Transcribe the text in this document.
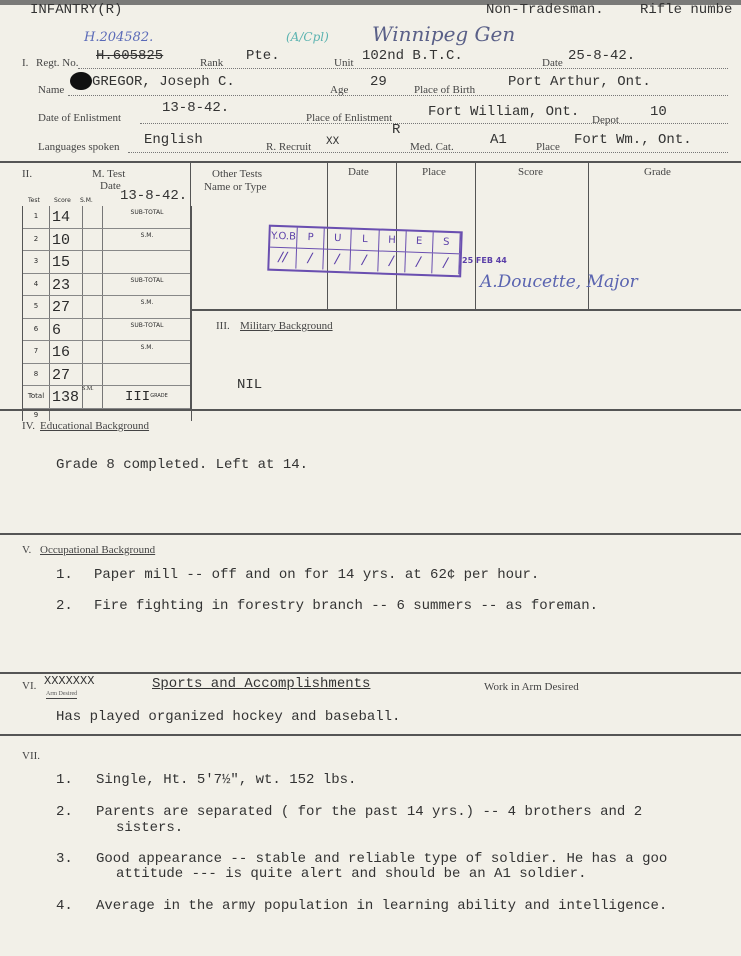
INFANTRY(R)	Non-Tradesman.	Rifle numbe
H.204582.	Winnipeg Gen
(A/Cpl)
I. Regt. No. H.605825	Rank Pte.	Unit 102nd B.T.C.	Date 25-8-42.
Name GREGOR, Joseph C.	Age 29 Place of Birth Port Arthur, Ont.
Date of Enlistment
13-8-42.
Place of Enlistment	Fort William, Ont. Depot 10
Languages spoken English	R. Recruit XX
R
Med. Cat.	A1	Place Fort Wm., Ont.
II.	M. Test
Date
13-8-42.
Test Score S.M.
1 14	SUB-TOTAL
2 10	S.M.
3 15
4 23	SUB-TOTAL
5 27	S.M.
6 6	SUB-TOTAL
7 16	S.M.
8 27
Total 138 S.M.	$III^{GRADE}$
9
Other Tests
Name or Type
Date	Place	Score	Grade
Y.O.B	P	U	L	H	E	S
//	/	/	/	/	/	/	25 FEB 44
A.Doucette, Major
III. Military Background
NIL
IV. Educational Background
Grade 8 completed. Left at 14.
V. Occupational Background
1. Paper mill -- off and on for 14 yrs. at 62¢ per hour.
2. Fire fighting in forestry branch -- 6 summers -- as foreman.
VI. XXXXXXX
Arm Desired
Sports and Accomplishments	Work in Arm Desired
Has played organized hockey and baseball.
VII.
1. Single, Ht. 5'7½", wt. 152 lbs.
2. Parents are separated ( for the past 14 yrs.) -- 4 brothers and 2
sisters.
3. Good appearance -- stable and reliable type of soldier. He has a goo
attitude --- is quite alert and should be an A1 soldier.
4. Average in the army population in learning ability and intelligence.
